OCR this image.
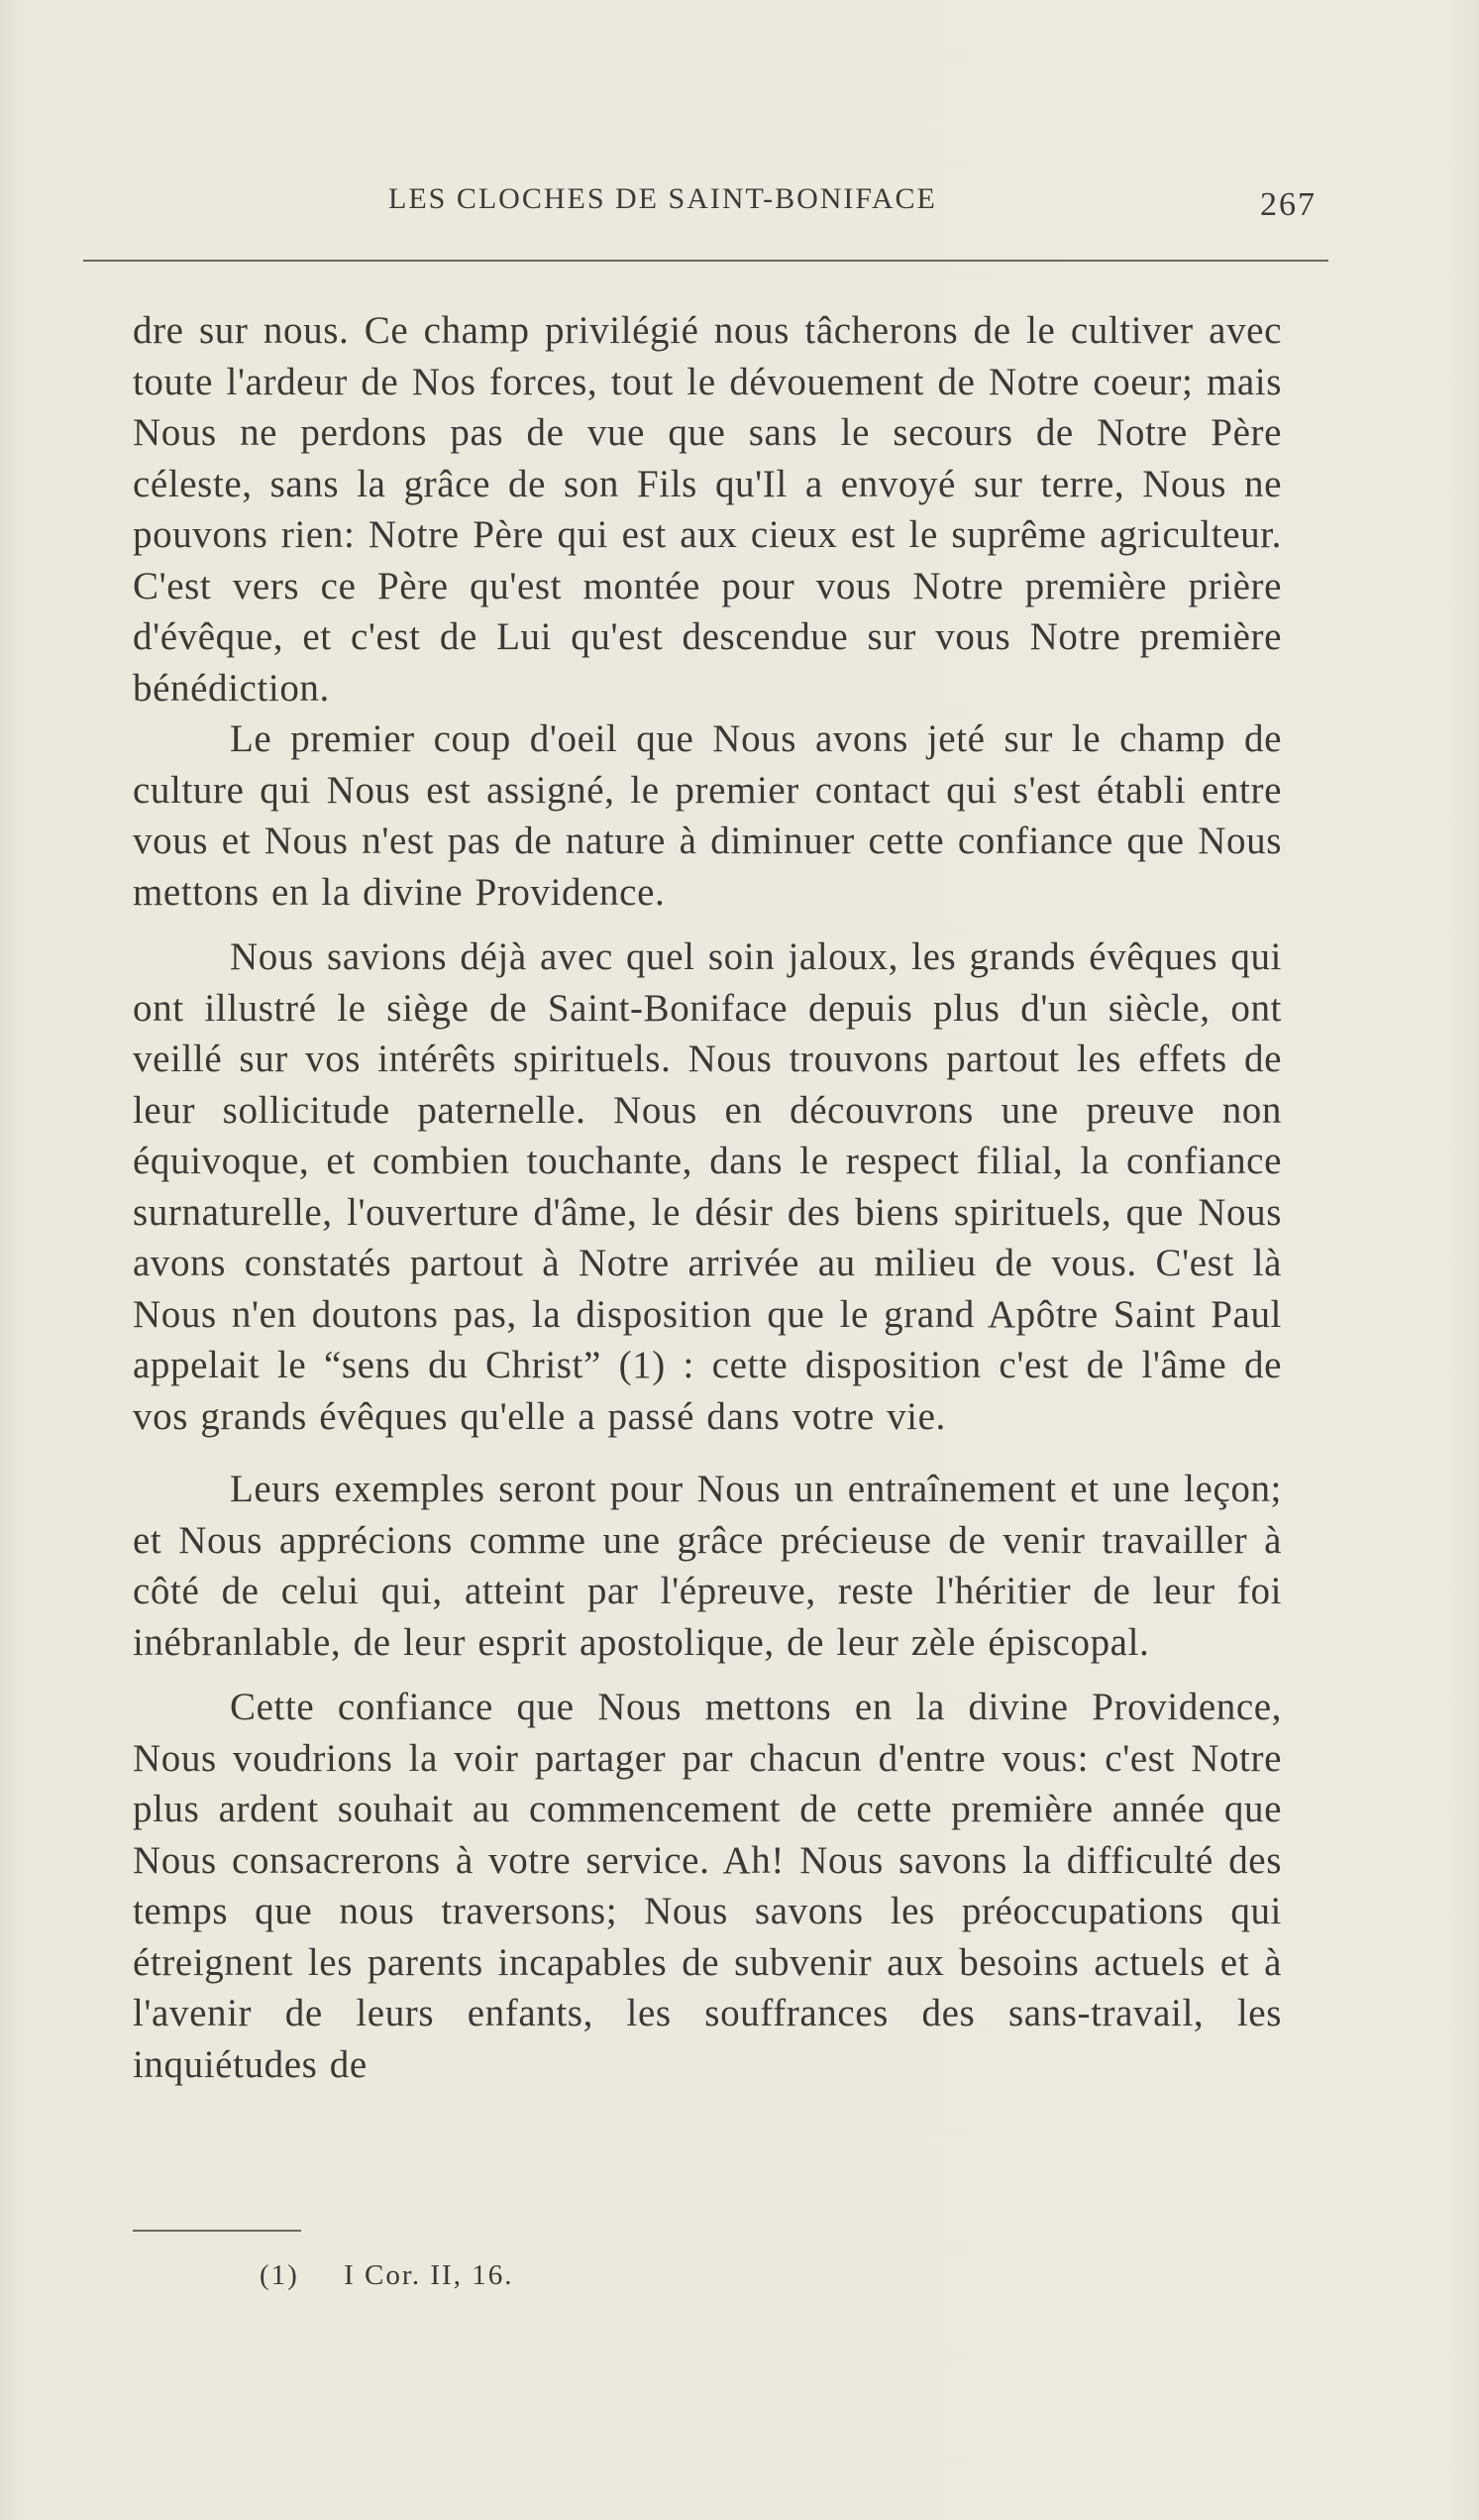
LES CLOCHES DE SAINT-BONIFACE	267

dre sur nous. Ce champ privilégié nous tâcherons de le cultiver avec toute l'ardeur de Nos forces, tout le dévouement de Notre coeur; mais Nous ne perdons pas de vue que sans le secours de Notre Père céleste, sans la grâce de son Fils qu'Il a envoyé sur terre, Nous ne pouvons rien: Notre Père qui est aux cieux est le suprême agriculteur. C'est vers ce Père qu'est montée pour vous Notre première prière d'évêque, et c'est de Lui qu'est descendue sur vous Notre première bénédiction.

Le premier coup d'oeil que Nous avons jeté sur le champ de culture qui Nous est assigné, le premier contact qui s'est établi entre vous et Nous n'est pas de nature à diminuer cette confiance que Nous mettons en la divine Providence.

Nous savions déjà avec quel soin jaloux, les grands évêques qui ont illustré le siège de Saint-Boniface depuis plus d'un siècle, ont veillé sur vos intérêts spirituels. Nous trouvons partout les effets de leur sollicitude paternelle. Nous en découvrons une preuve non équivoque, et combien touchante, dans le respect filial, la confiance surnaturelle, l'ouverture d'âme, le désir des biens spirituels, que Nous avons constatés partout à Notre arrivée au milieu de vous. C'est là Nous n'en doutons pas, la disposition que le grand Apôtre Saint Paul appelait le “sens du Christ” (1) : cette disposition c'est de l'âme de vos grands évêques qu'elle a passé dans votre vie.

Leurs exemples seront pour Nous un entraînement et une leçon; et Nous apprécions comme une grâce précieuse de venir travailler à côté de celui qui, atteint par l'épreuve, reste l'héritier de leur foi inébranlable, de leur esprit apostolique, de leur zèle épiscopal.

Cette confiance que Nous mettons en la divine Providence, Nous voudrions la voir partager par chacun d'entre vous: c'est Notre plus ardent souhait au commencement de cette première année que Nous consacrerons à votre service. Ah! Nous savons la difficulté des temps que nous traversons; Nous savons les préoccupations qui étreignent les parents incapables de subvenir aux besoins actuels et à l'avenir de leurs enfants, les souffrances des sans-travail, les inquiétudes de

(1) I Cor. II, 16.
